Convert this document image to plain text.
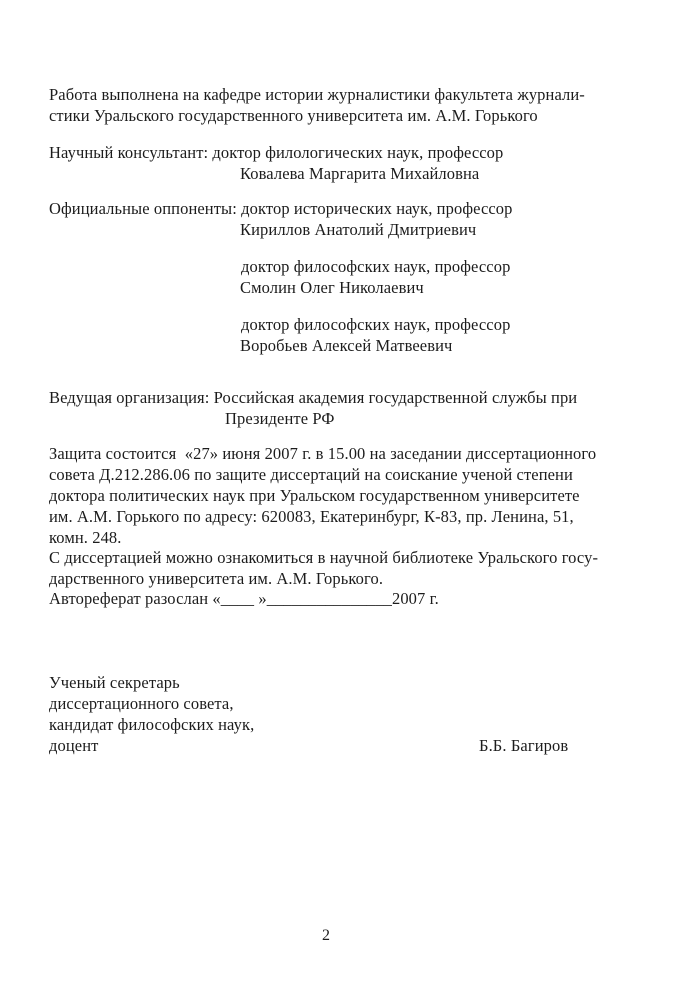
Работа выполнена на кафедре истории журналистики факультета журнали-
стики Уральского государственного университета им. А.М. Горького
Научный консультант: доктор филологических наук, профессор
Ковалева Маргарита Михайловна
Официальные оппоненты: доктор исторических наук, профессор
Кириллов Анатолий Дмитриевич
доктор философских наук, профессор
Смолин Олег Николаевич
доктор философских наук, профессор
Воробьев Алексей Матвеевич
Ведущая организация: Российская академия государственной службы при
Президенте РФ
Защита состоится  «27» июня 2007 г. в 15.00 на заседании диссертационного
совета Д.212.286.06 по защите диссертаций на соискание ученой степени
доктора политических наук при Уральском государственном университете
им. А.М. Горького по адресу: 620083, Екатеринбург, К-83, пр. Ленина, 51,
комн. 248.
С диссертацией можно ознакомиться в научной библиотеке Уральского госу-
дарственного университета им. А.М. Горького.
Автореферат разослан «____ »_______________2007 г.
Ученый секретарь
диссертационного совета,
кандидат философских наук,
доцент	Б.Б. Багиров
2
